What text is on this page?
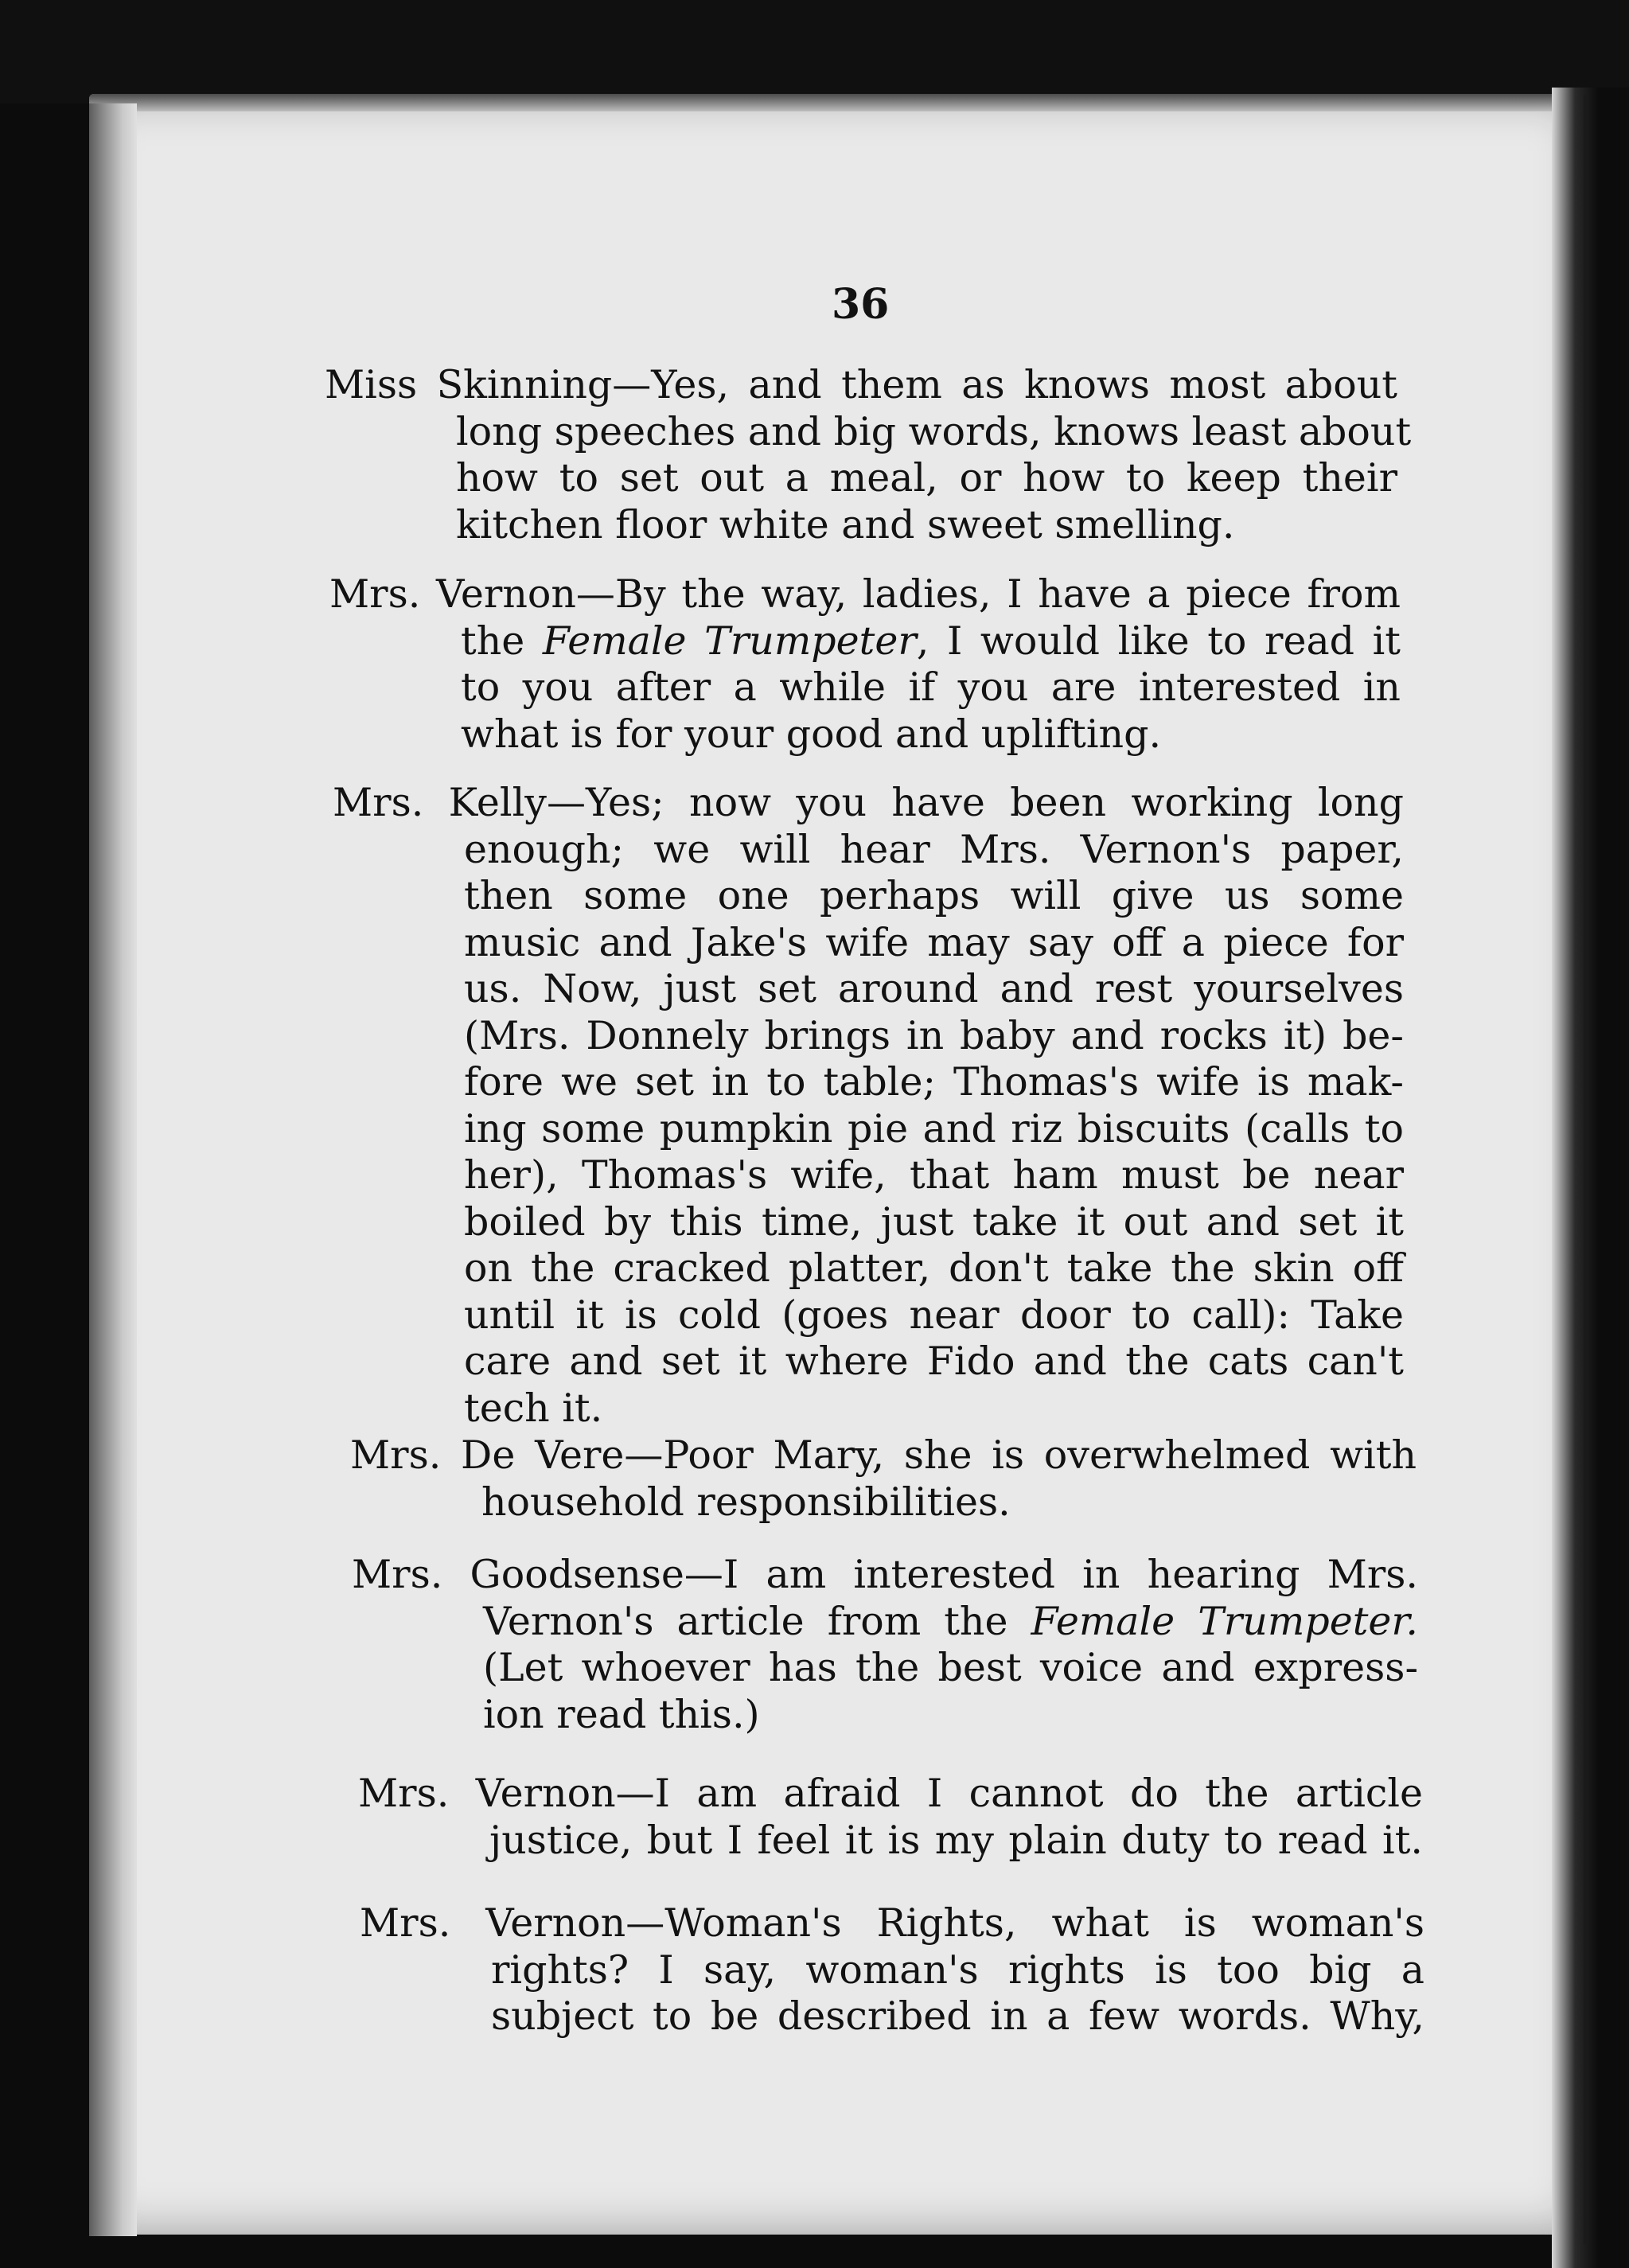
36
Miss Skinning—Yes, and them as knows most about
long speeches and big words, knows least about
how to set out a meal, or how to keep their
kitchen floor white and sweet smelling.
Mrs. Vernon—By the way, ladies, I have a piece from
the Female Trumpeter, I would like to read it
to you after a while if you are interested in
what is for your good and uplifting.
Mrs. Kelly—Yes; now you have been working long
enough; we will hear Mrs. Vernon's paper,
then some one perhaps will give us some
music and Jake's wife may say off a piece for
us. Now, just set around and rest yourselves
(Mrs. Donnely brings in baby and rocks it) be-
fore we set in to table; Thomas's wife is mak-
ing some pumpkin pie and riz biscuits (calls to
her), Thomas's wife, that ham must be near
boiled by this time, just take it out and set it
on the cracked platter, don't take the skin off
until it is cold (goes near door to call): Take
care and set it where Fido and the cats can't
tech it.
Mrs. De Vere—Poor Mary, she is overwhelmed with
household responsibilities.
Mrs. Goodsense—I am interested in hearing Mrs.
Vernon's article from the Female Trumpeter.
(Let whoever has the best voice and express-
ion read this.)
Mrs. Vernon—I am afraid I cannot do the article
justice, but I feel it is my plain duty to read it.
Mrs. Vernon—Woman's Rights, what is woman's
rights? I say, woman's rights is too big a
subject to be described in a few words. Why,
